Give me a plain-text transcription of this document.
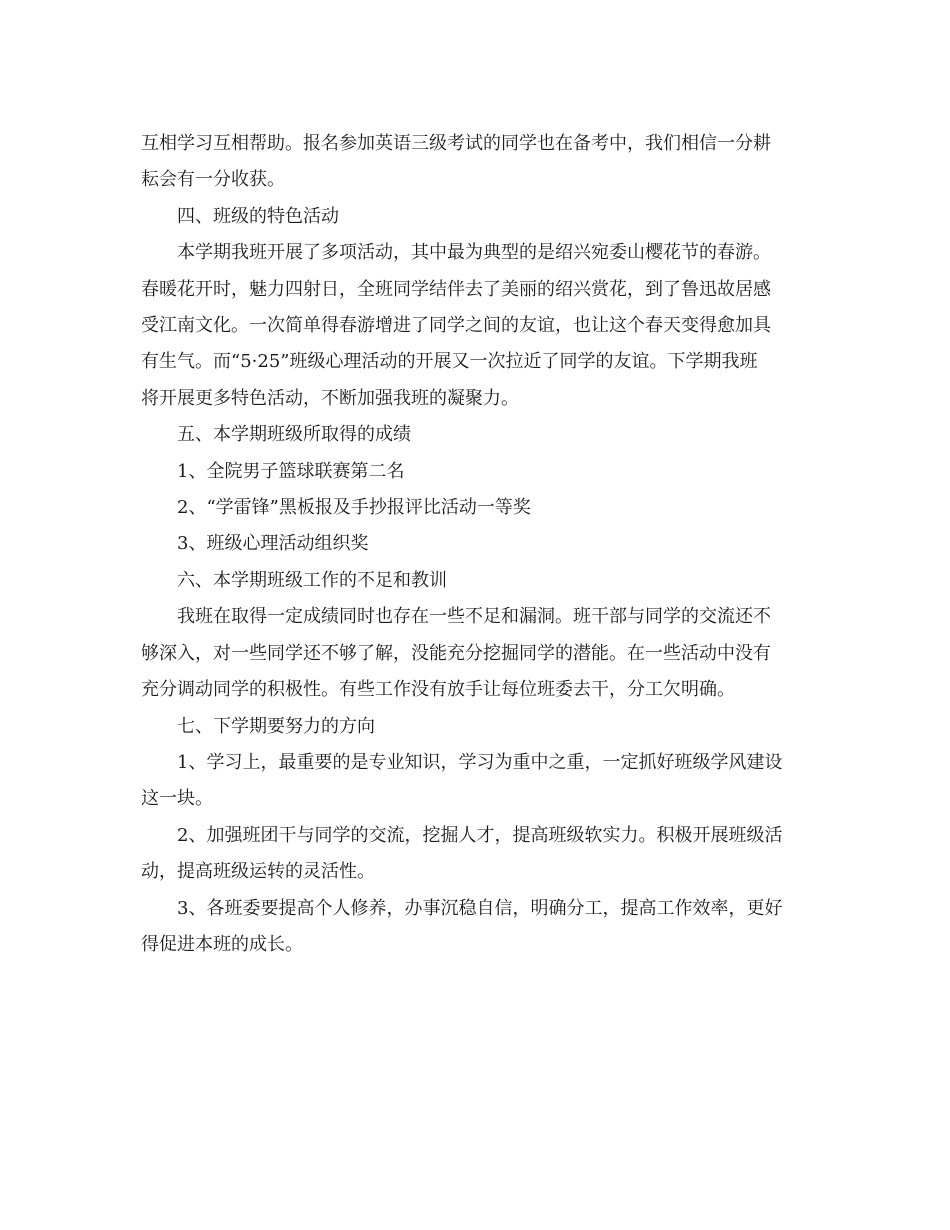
互相学习互相帮助。报名参加英语三级考试的同学也在备考中，我们相信一分耕
耘会有一分收获。

四、班级的特色活动

本学期我班开展了多项活动，其中最为典型的是绍兴宛委山樱花节的春游。
春暖花开时，魅力四射日，全班同学结伴去了美丽的绍兴赏花，到了鲁迅故居感
受江南文化。一次简单得春游增进了同学之间的友谊，也让这个春天变得愈加具
有生气。而“5·25”班级心理活动的开展又一次拉近了同学的友谊。下学期我班
将开展更多特色活动，不断加强我班的凝聚力。

五、本学期班级所取得的成绩

1、全院男子篮球联赛第二名

2、“学雷锋”黑板报及手抄报评比活动一等奖

3、班级心理活动组织奖

六、本学期班级工作的不足和教训

我班在取得一定成绩同时也存在一些不足和漏洞。班干部与同学的交流还不
够深入，对一些同学还不够了解，没能充分挖掘同学的潜能。在一些活动中没有
充分调动同学的积极性。有些工作没有放手让每位班委去干，分工欠明确。

七、下学期要努力的方向

1、学习上，最重要的是专业知识，学习为重中之重，一定抓好班级学风建设
这一块。

2、加强班团干与同学的交流，挖掘人才，提高班级软实力。积极开展班级活
动，提高班级运转的灵活性。

3、各班委要提高个人修养，办事沉稳自信，明确分工，提高工作效率，更好
得促进本班的成长。
